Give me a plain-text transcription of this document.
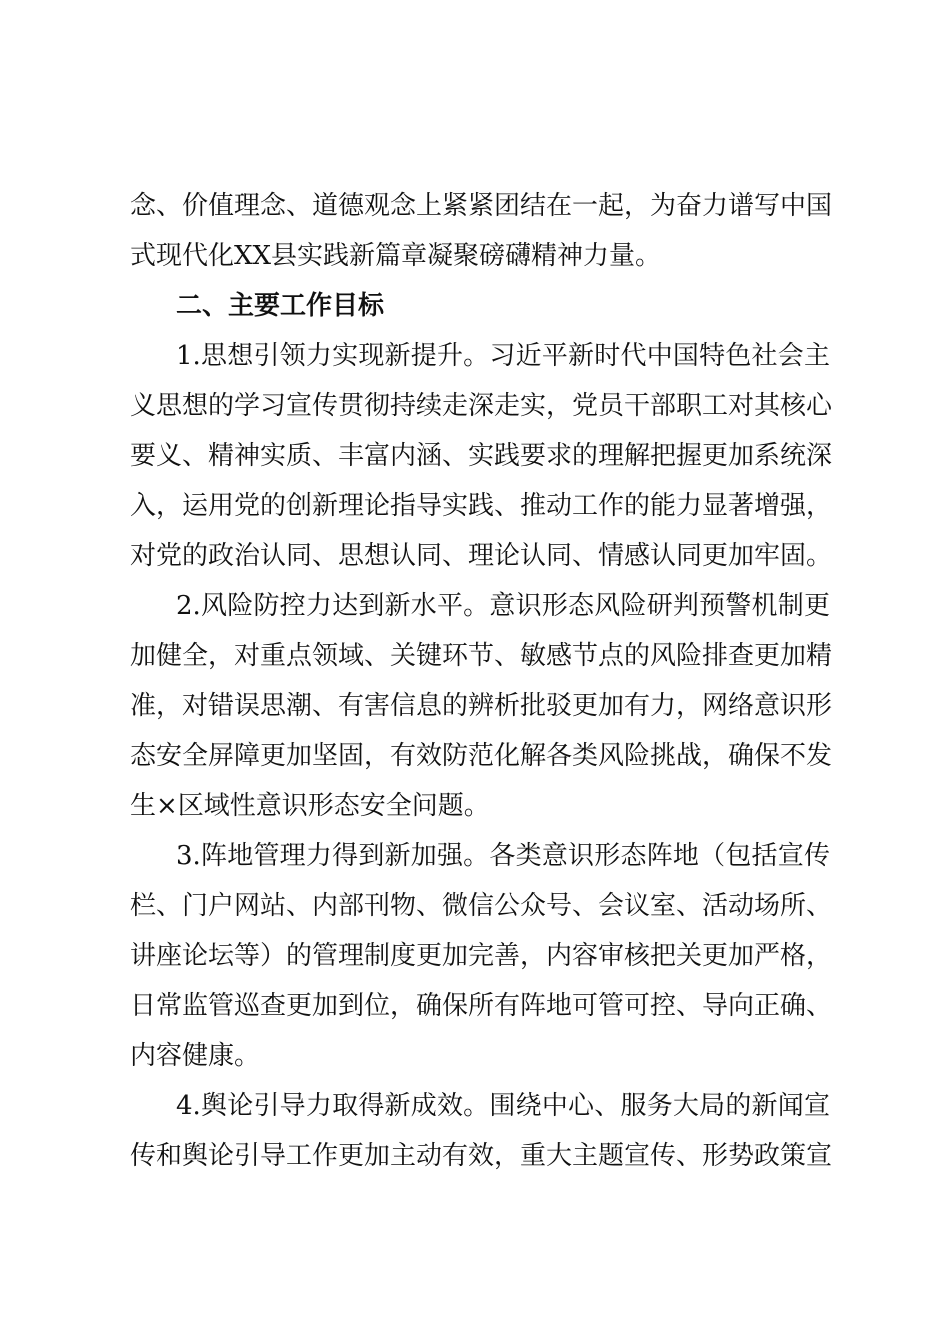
念、价值理念、道德观念上紧紧团结在一起，为奋力谱写中国
式现代化XX县实践新篇章凝聚磅礴精神力量。
二、主要工作目标
1.思想引领力实现新提升。习近平新时代中国特色社会主
义思想的学习宣传贯彻持续走深走实，党员干部职工对其核心
要义、精神实质、丰富内涵、实践要求的理解把握更加系统深
入，运用党的创新理论指导实践、推动工作的能力显著增强，
对党的政治认同、思想认同、理论认同、情感认同更加牢固。
2.风险防控力达到新水平。意识形态风险研判预警机制更
加健全，对重点领域、关键环节、敏感节点的风险排查更加精
准，对错误思潮、有害信息的辨析批驳更加有力，网络意识形
态安全屏障更加坚固，有效防范化解各类风险挑战，确保不发
生×区域性意识形态安全问题。
3.阵地管理力得到新加强。各类意识形态阵地（包括宣传
栏、门户网站、内部刊物、微信公众号、会议室、活动场所、
讲座论坛等）的管理制度更加完善，内容审核把关更加严格，
日常监管巡查更加到位，确保所有阵地可管可控、导向正确、
内容健康。
4.舆论引导力取得新成效。围绕中心、服务大局的新闻宣
传和舆论引导工作更加主动有效，重大主题宣传、形势政策宣
